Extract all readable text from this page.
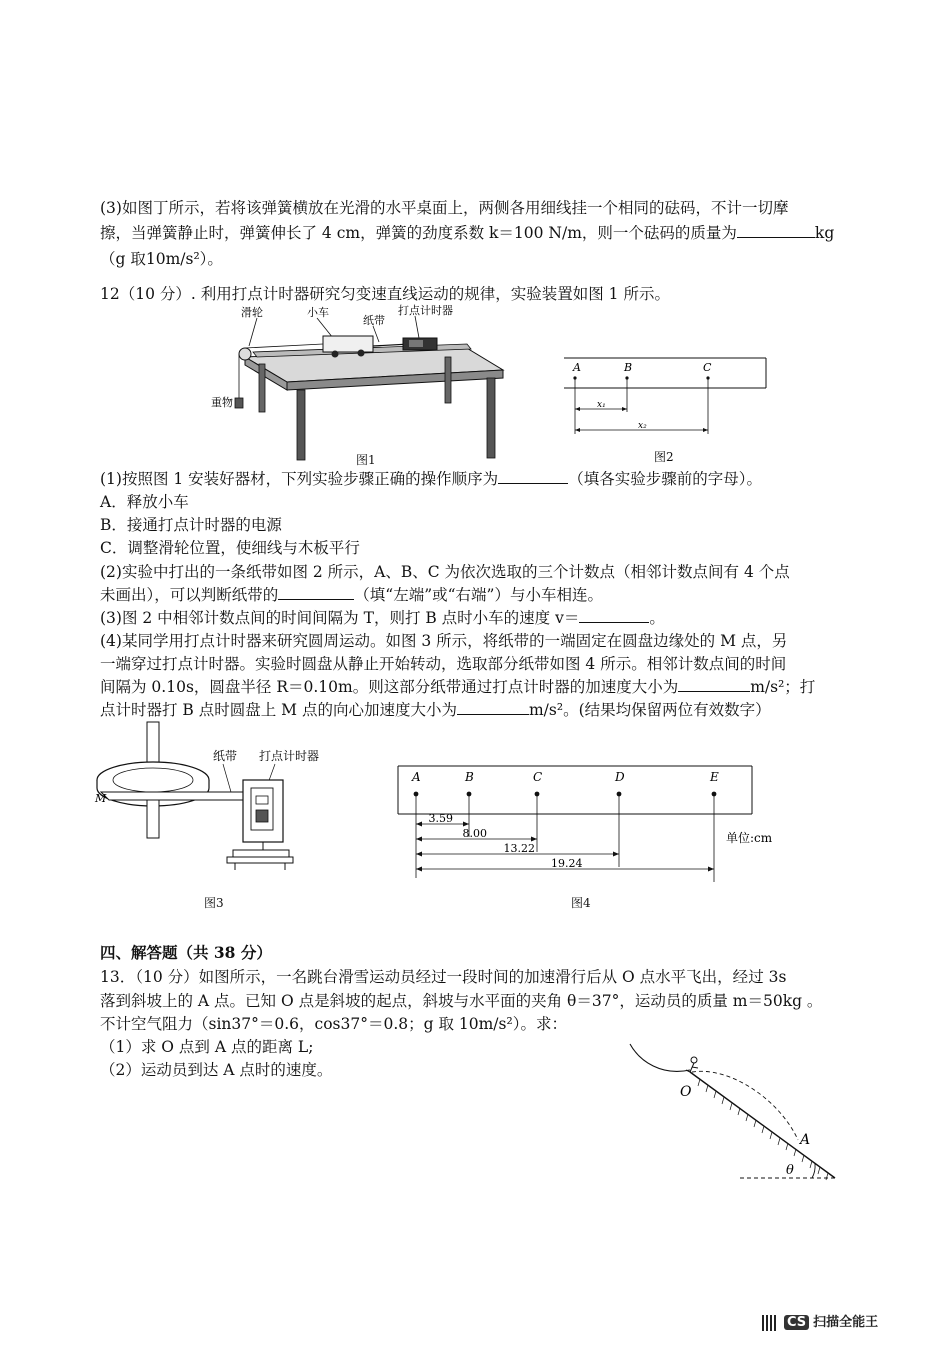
(3)如图丁所示，若将该弹簧横放在光滑的水平桌面上，两侧各用细线挂一个相同的砝码，不计一切摩
擦，当弹簧静止时，弹簧伸长了 4 cm，弹簧的劲度系数 k＝100 N/m，则一个砝码的质量为	kg
（g 取10m/s²）。
12（10 分）. 利用打点计时器研究匀变速直线运动的规律，实验装置如图 1 所示。
滑轮	小车
纸带
打点计时器
重物
图1
A	B	C
x₁
x₂
图2
(1)按照图 1 安装好器材，下列实验步骤正确的操作顺序为	（填各实验步骤前的字母）。
A．释放小车
B．接通打点计时器的电源
C．调整滑轮位置，使细线与木板平行
(2)实验中打出的一条纸带如图 2 所示，A、B、C 为依次选取的三个计数点（相邻计数点间有 4 个点
未画出），可以判断纸带的	（填“左端”或“右端”）与小车相连。
(3)图 2 中相邻计数点间的时间间隔为 T，则打 B 点时小车的速度 v＝	。
(4)某同学用打点计时器来研究圆周运动。如图 3 所示，将纸带的一端固定在圆盘边缘处的 M 点，另
一端穿过打点计时器。实验时圆盘从静止开始转动，选取部分纸带如图 4 所示。相邻计数点间的时间
间隔为 0.10s，圆盘半径 R＝0.10m。则这部分纸带通过打点计时器的加速度大小为	m/s²；打
点计时器打 B 点时圆盘上 M 点的向心加速度大小为	m/s²。(结果均保留两位有效数字）
M
纸带 打点计时器
图3
A	B	C	D	E
3.59
8.00
13.22
19.24
单位:cm
图4
四、解答题（共 38 分）
13．（10 分）如图所示，一名跳台滑雪运动员经过一段时间的加速滑行后从 O 点水平飞出，经过 3s
落到斜坡上的 A 点。已知 O 点是斜坡的起点，斜坡与水平面的夹角 θ＝37°，运动员的质量 m＝50kg 。
不计空气阻力（sin37°＝0.6，cos37°＝0.8；g 取 10m/s²）。求：
（1）求 O 点到 A 点的距离 L;
（2）运动员到达 A 点时的速度。
O
A
θ
CS 扫描全能王
